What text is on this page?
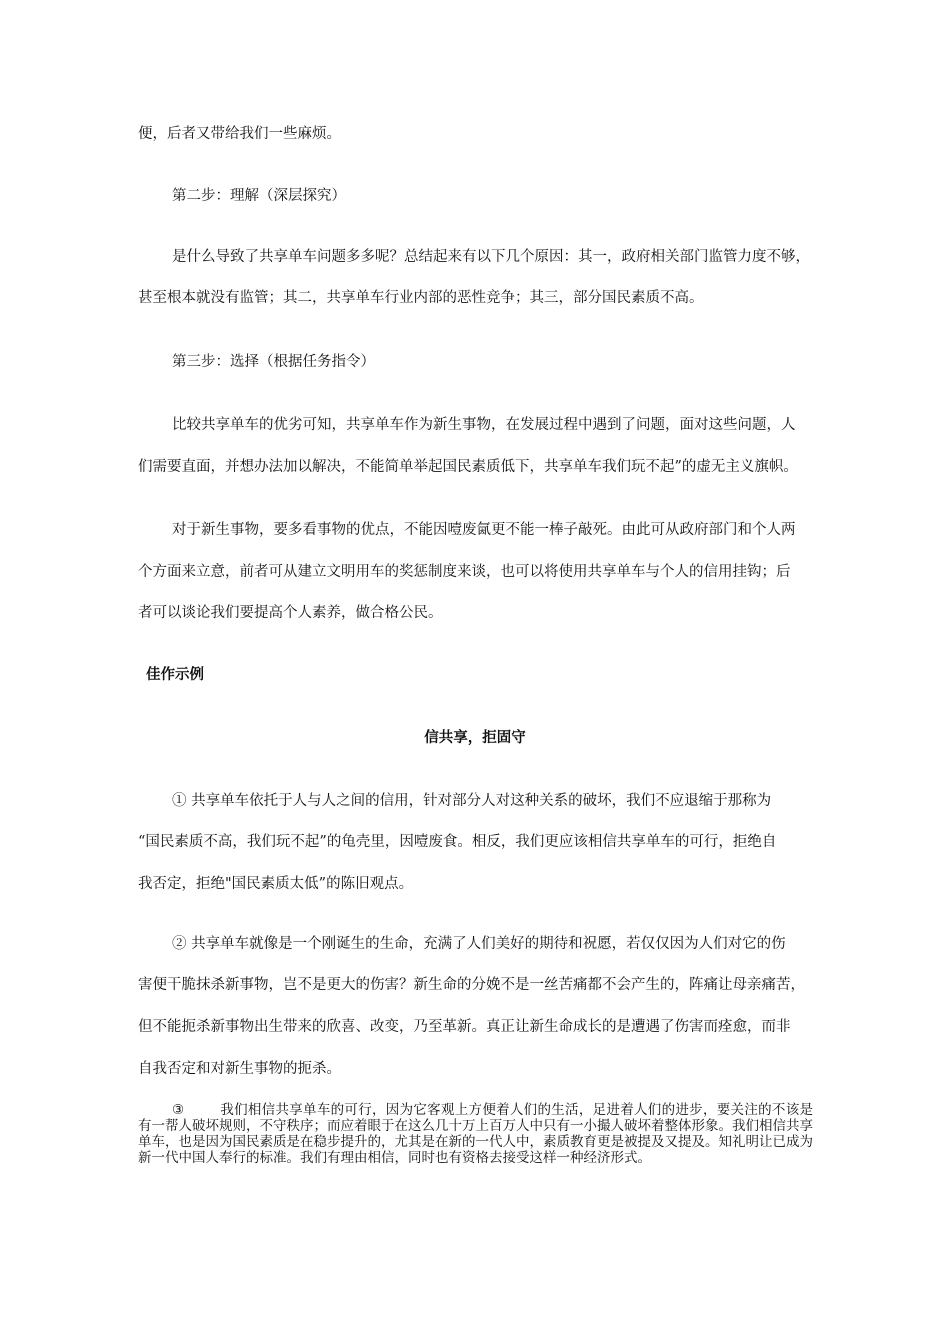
便，后者又带给我们一些麻烦。

第二步：理解（深层探究）

是什么导致了共享单车问题多多呢？总结起来有以下几个原因：其一，政府相关部门监管力度不够，

甚至根本就没有监管；其二，共享单车行业内部的恶性竞争；其三，部分国民素质不高。

第三步：选择（根据任务指令）

比较共享单车的优劣可知，共享单车作为新生事物，在发展过程中遇到了问题，面对这些问题，人

们需要直面，并想办法加以解决，不能简单举起国民素质低下，共享单车我们玩不起”的虚无主义旗帜。

对于新生事物，要多看事物的优点，不能因噎废氤更不能一棒子敲死。由此可从政府部门和个人两

个方面来立意，前者可从建立文明用车的奖惩制度来谈，也可以将使用共享单车与个人的信用挂钩；后

者可以谈论我们要提高个人素养，做合格公民。

佳作示例

信共享，拒固守

① 共享单车依托于人与人之间的信用，针对部分人对这种关系的破坏，我们不应退缩于那称为

“国民素质不高，我们玩不起”的龟壳里，因噎废食。相反，我们更应该相信共享单车的可行，拒绝自

我否定，拒绝"国民素质太低”的陈旧观点。

② 共享单车就像是一个刚诞生的生命，充满了人们美好的期待和祝愿，若仅仅因为人们对它的伤

害便干脆抹杀新事物，岂不是更大的伤害？新生命的分娩不是一丝苦痛都不会产生的，阵痛让母亲痛苦，

但不能扼杀新事物出生带来的欣喜、改变，乃至革新。真正让新生命成长的是遭遇了伤害而痊愈，而非

自我否定和对新生事物的扼杀。

③	我们相信共享单车的可行，因为它客观上方便着人们的生活，足进着人们的进步，要关注的不该是有一帮人破坏规则，不守秩序；而应着眼于在这么几十万上百万人中只有一小撮人破坏着整体形象。我们相信共享单车，也是因为国民素质是在稳步提升的，尤其是在新的一代人中，素质教育更是被提及又提及。知礼明让已成为新一代中国人奉行的标准。我们有理由相信，同时也有资格去接受这样一种经济形式。
